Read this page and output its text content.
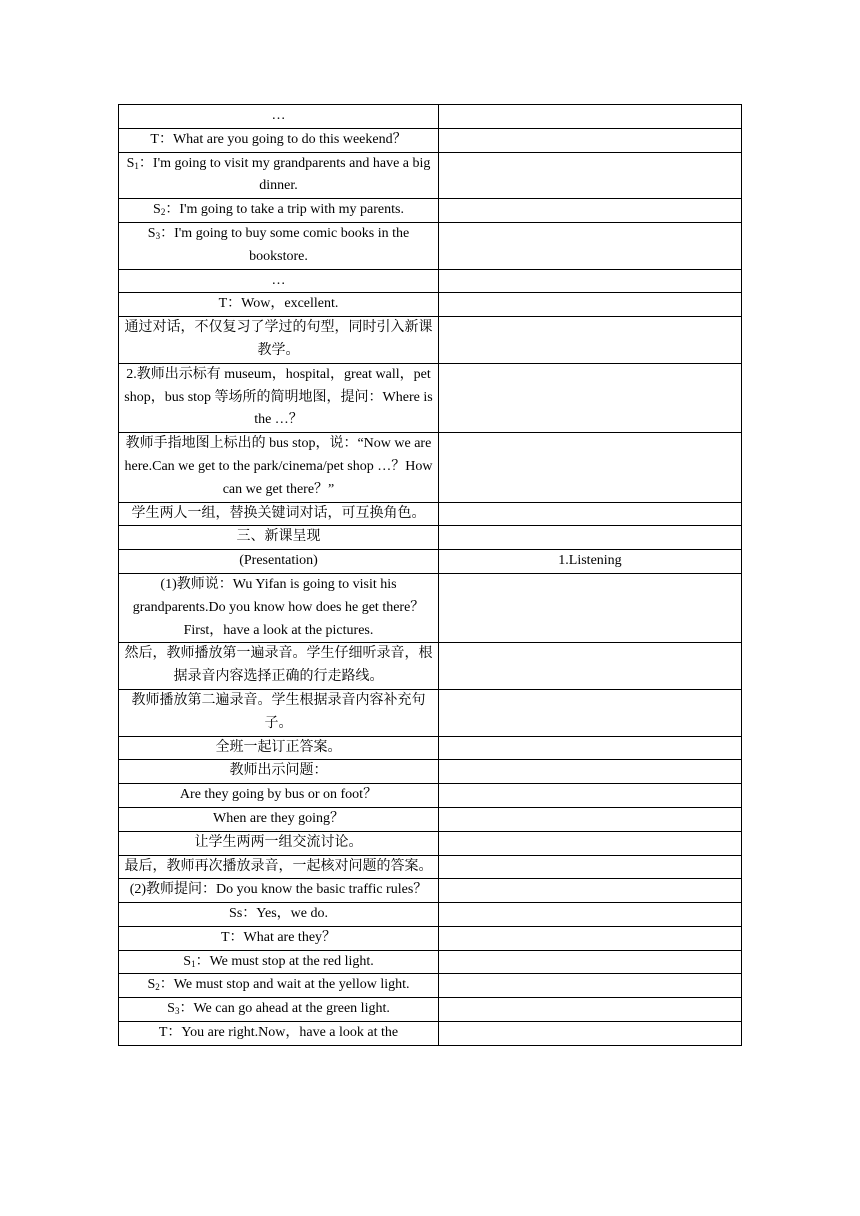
…	
T：What are you going to do this weekend？	
$S_1$：I'm going to visit my grandparents and have a big dinner.	
$S_2$：I'm going to take a trip with my parents.	
$S_3$：I'm going to buy some comic books in the bookstore.	
…	
T：Wow，excellent.	
通过对话，不仅复习了学过的句型，同时引入新课教学。	
2.教师出示标有 museum，hospital，great wall，pet shop，bus stop 等场所的简明地图，提问：Where is the …？	
教师手指地图上标出的 bus stop，说：“Now we are here.Can we get to the park/cinema/pet shop …？How can we get there？”	
学生两人一组，替换关键词对话，可互换角色。	
三、新课呈现	
(Presentation)	1.Listening
(1)教师说：Wu Yifan is going to visit his grandparents.Do you know how does he get there？First，have a look at the pictures.	
然后，教师播放第一遍录音。学生仔细听录音，根据录音内容选择正确的行走路线。	
教师播放第二遍录音。学生根据录音内容补充句子。	
全班一起订正答案。	
教师出示问题：	
Are they going by bus or on foot？	
When are they going？	
让学生两两一组交流讨论。	
最后，教师再次播放录音，一起核对问题的答案。	
(2)教师提问：Do you know the basic traffic rules？	
Ss：Yes，we do.	
T：What are they？	
$S_1$：We must stop at the red light.	
$S_2$：We must stop and wait at the yellow light.	
$S_3$：We can go ahead at the green light.	
T：You are right.Now，have a look at the	
